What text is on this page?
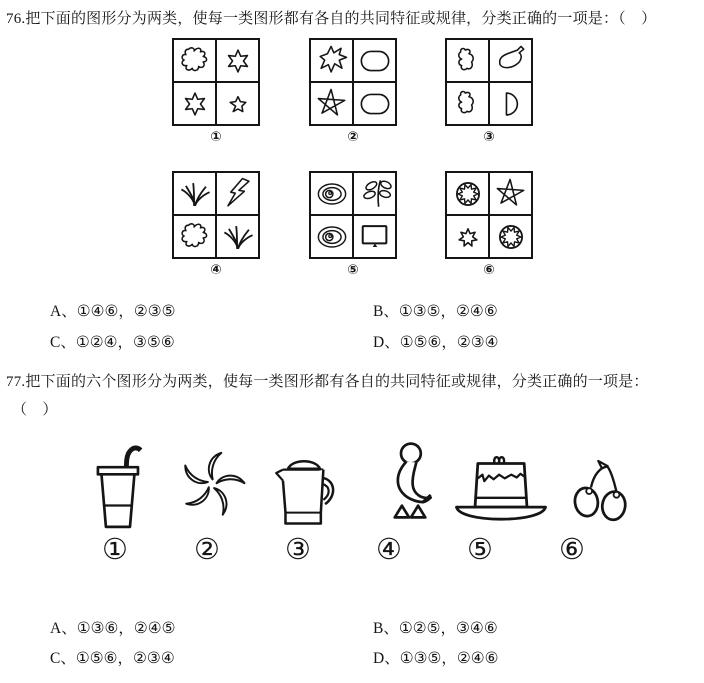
76.把下面的图形分为两类，使每一类图形都有各自的共同特征或规律，分类正确的一项是：（　）
①	②	③
④	⑤	⑥
A、①④⑥，②③⑤	B、①③⑤，②④⑥
C、①②④，③⑤⑥	D、①⑤⑥，②③④
77.把下面的六个图形分为两类，使每一类图形都有各自的共同特征或规律，分类正确的一项是：
（　）
① ② ③ ④ ⑤ ⑥
A、①③⑥，②④⑤	B、①②⑤，③④⑥
C、①⑤⑥，②③④	D、①③⑤，②④⑥
